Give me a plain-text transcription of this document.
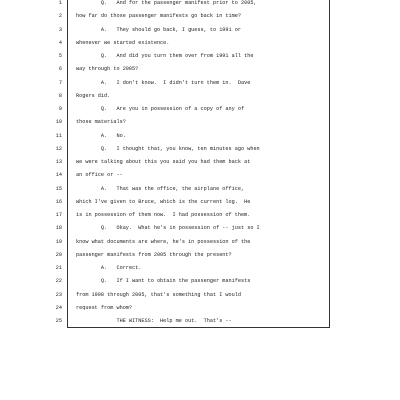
1	Q.   And for the passenger manifest prior to 2005,
2	how far do those passenger manifests go back in time?
3	A.   They should go back, I guess, to 1991 or
4	whenever we started existence.
5	Q.   And did you turn them over from 1991 all the
6	way through to 2005?
7	A.   I don't know.  I didn't turn them in.  Dave
8	Rogers did.
9	Q.   Are you in possession of a copy of any of
10	those materials?
11	A.   No.
12	Q.   I thought that, you know, ten minutes ago when
13	we were talking about this you said you had them back at
14	an office or --
15	A.   That was the office, the airplane office,
16	which I've given to Bruce, which is the current log.  He
17	is in possession of them now.  I had possession of them.
18	Q.   Okay.  What he's in possession of -- just so I
19	know what documents are where, he's in possession of the
20	passenger manifests from 2005 through the present?
21	A.   Correct.
22	Q.   If I want to obtain the passenger manifests
23	from 1998 through 2005, that's something that I would
24	request from whom?
25	THE WITNESS:  Help me out.  That's --
